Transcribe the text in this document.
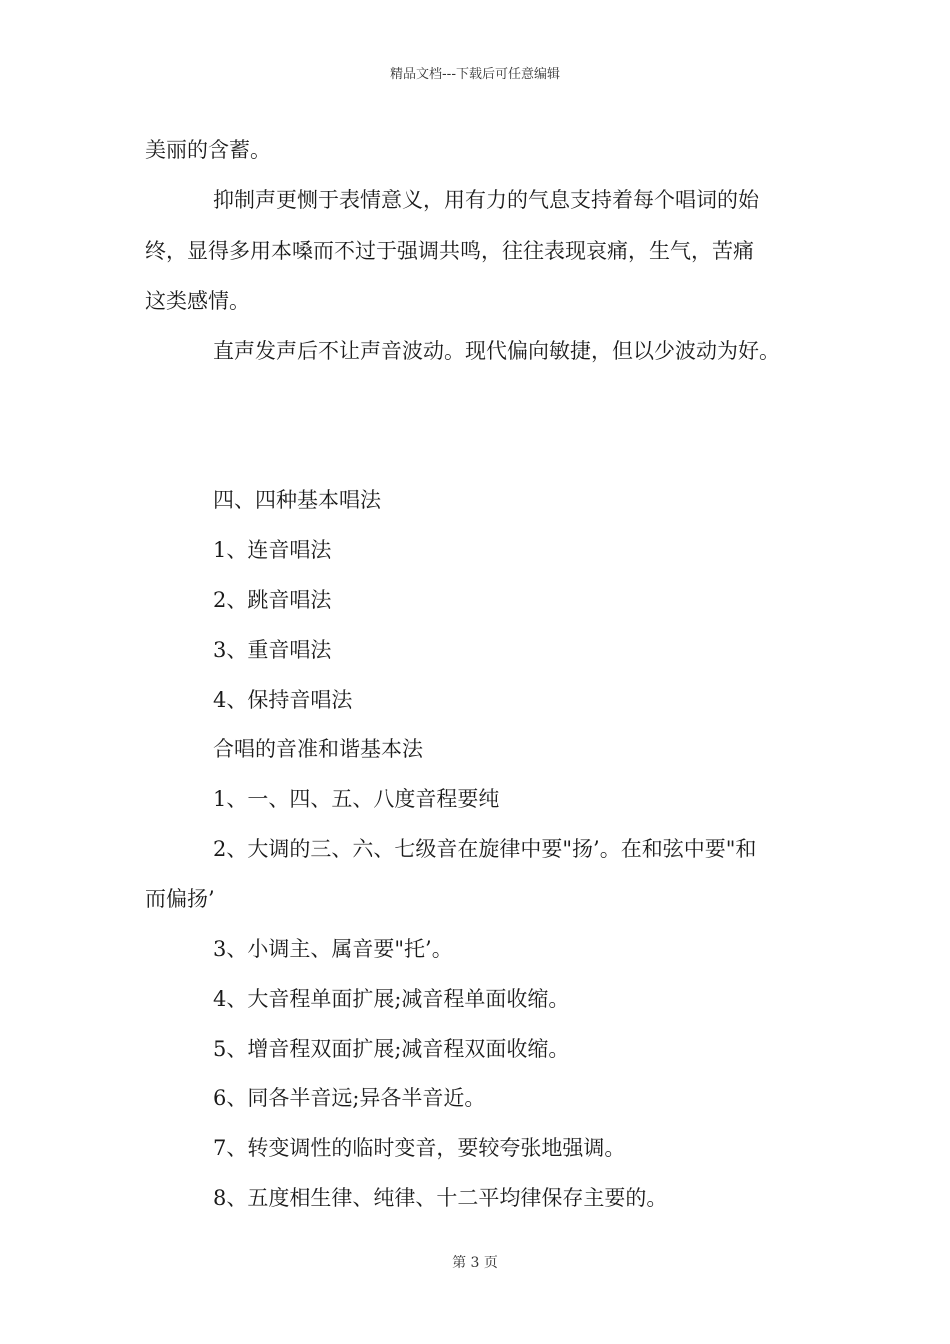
精品文档---下载后可任意编辑
美丽的含蓄。
抑制声更恻于表情意义，用有力的气息支持着每个唱词的始
终，显得多用本嗓而不过于强调共鸣，往往表现哀痛，生气，苦痛
这类感情。
直声发声后不让声音波动。现代偏向敏捷，但以少波动为好。
四、四种基本唱法
1、连音唱法
2、跳音唱法
3、重音唱法
4、保持音唱法
合唱的音准和谐基本法
1、一、四、五、八度音程要纯
2、大调的三、六、七级音在旋律中要"扬’。在和弦中要"和
而偏扬’
3、小调主、属音要"托’。
4、大音程单面扩展;减音程单面收缩。
5、增音程双面扩展;减音程双面收缩。
6、同各半音远;异各半音近。
7、转变调性的临时变音，要较夸张地强调。
8、五度相生律、纯律、十二平均律保存主要的。
第 3 页
